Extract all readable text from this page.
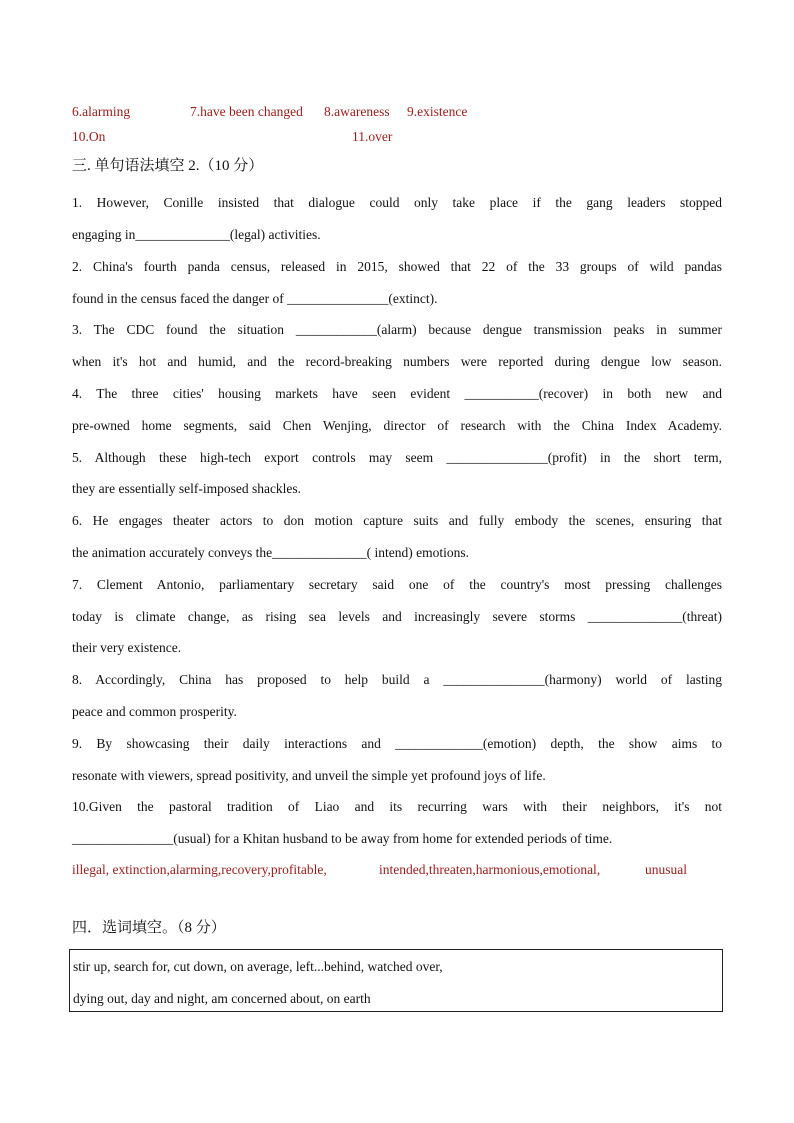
6.alarming	7.have been changed 8.awareness 9.existence
10.On	11.over
三. 单句语法填空 2.（10 分）
1. However, Conille insisted that dialogue could only take place if the gang leaders stopped
engaging in______________(legal) activities.
2. China's fourth panda census, released in 2015, showed that 22 of the 33 groups of wild pandas
found in the census faced the danger of _______________(extinct).
3. The CDC found the situation ____________(alarm) because dengue transmission peaks in summer
when it's hot and humid, and the record-breaking numbers were reported during dengue low season.
4. The three cities' housing markets have seen evident ___________(recover) in both new and
pre-owned home segments, said Chen Wenjing, director of research with the China Index Academy.
5. Although these high-tech export controls may seem _______________(profit) in the short term,
they are essentially self-imposed shackles.
6. He engages theater actors to don motion capture suits and fully embody the scenes, ensuring that
the animation accurately conveys the______________( intend) emotions.
7. Clement Antonio, parliamentary secretary said one of the country's most pressing challenges
today is climate change, as rising sea levels and increasingly severe storms ______________(threat)
their very existence.
8. Accordingly, China has proposed to help build a _______________(harmony) world of lasting
peace and common prosperity.
9. By showcasing their daily interactions and _____________(emotion) depth, the show aims to
resonate with viewers, spread positivity, and unveil the simple yet profound joys of life.
10.Given the pastoral tradition of Liao and its recurring wars with their neighbors, it's not
_______________(usual) for a Khitan husband to be away from home for extended periods of time.
illegal, extinction,alarming,recovery,profitable,	intended,threaten,harmonious,emotional,	unusual
四．选词填空。（8 分）
stir up, search for, cut down, on average, left...behind, watched over,
dying out, day and night, am concerned about, on earth
